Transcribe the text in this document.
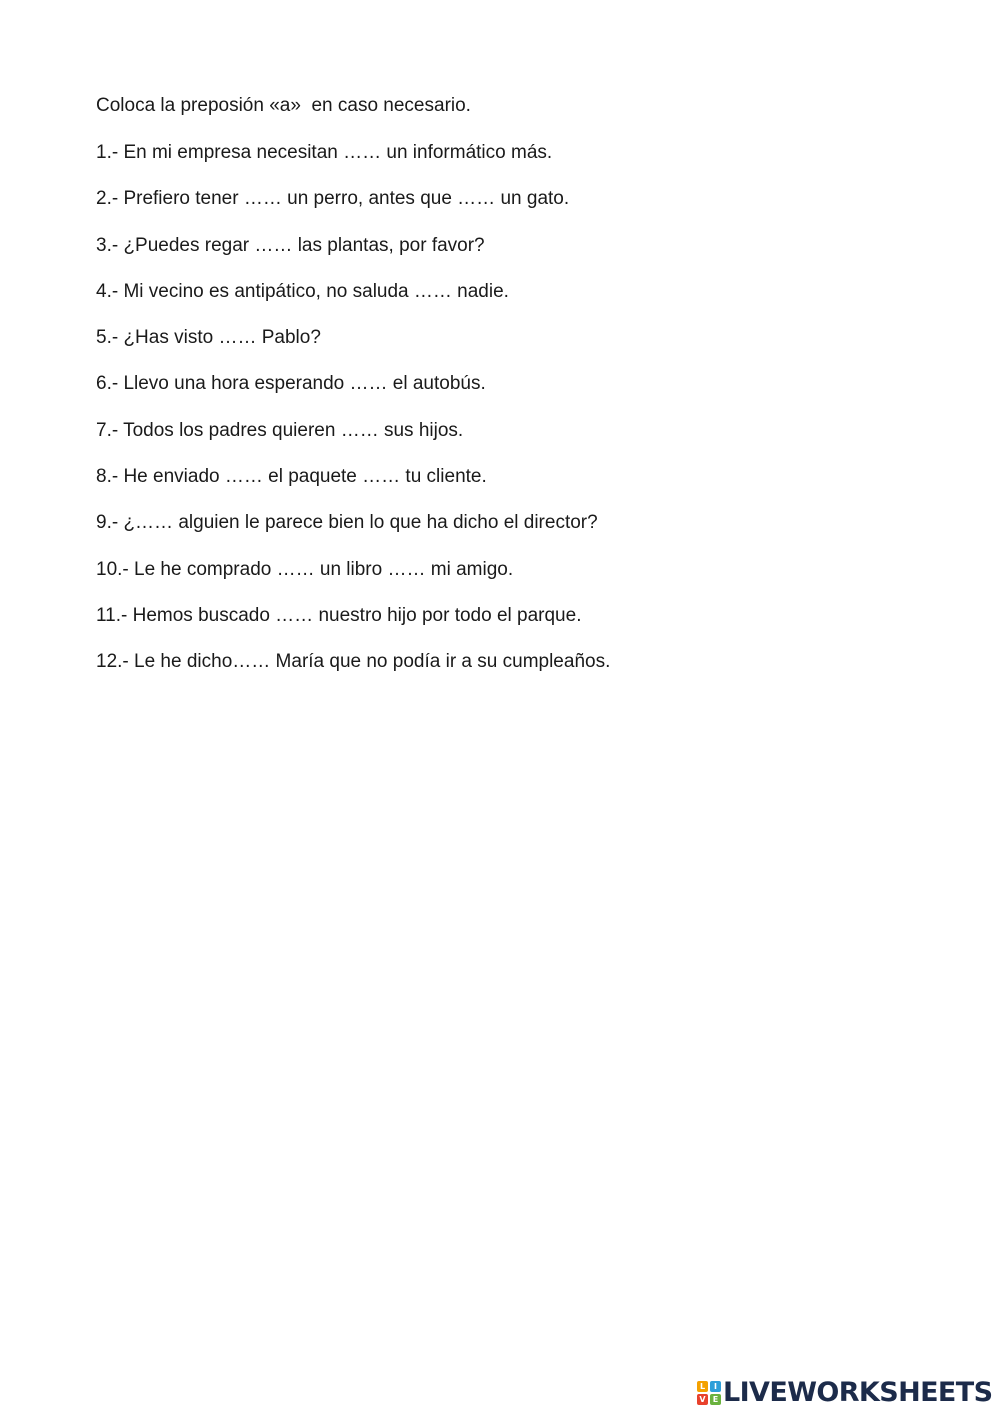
Coloca la preposión «a»  en caso necesario.
1.- En mi empresa necesitan …… un informático más.
2.- Prefiero tener …… un perro, antes que …… un gato.
3.- ¿Puedes regar …… las plantas, por favor?
4.- Mi vecino es antipático, no saluda …… nadie.
5.- ¿Has visto …… Pablo?
6.- Llevo una hora esperando …… el autobús.
7.- Todos los padres quieren …… sus hijos.
8.- He enviado …… el paquete …… tu cliente.
9.- ¿…… alguien le parece bien lo que ha dicho el director?
10.- Le he comprado …… un libro …… mi amigo.
11.- Hemos buscado …… nuestro hijo por todo el parque.
12.- Le he dicho…… María que no podía ir a su cumpleaños.
L	I
V E LIVEWORKSHEETS
